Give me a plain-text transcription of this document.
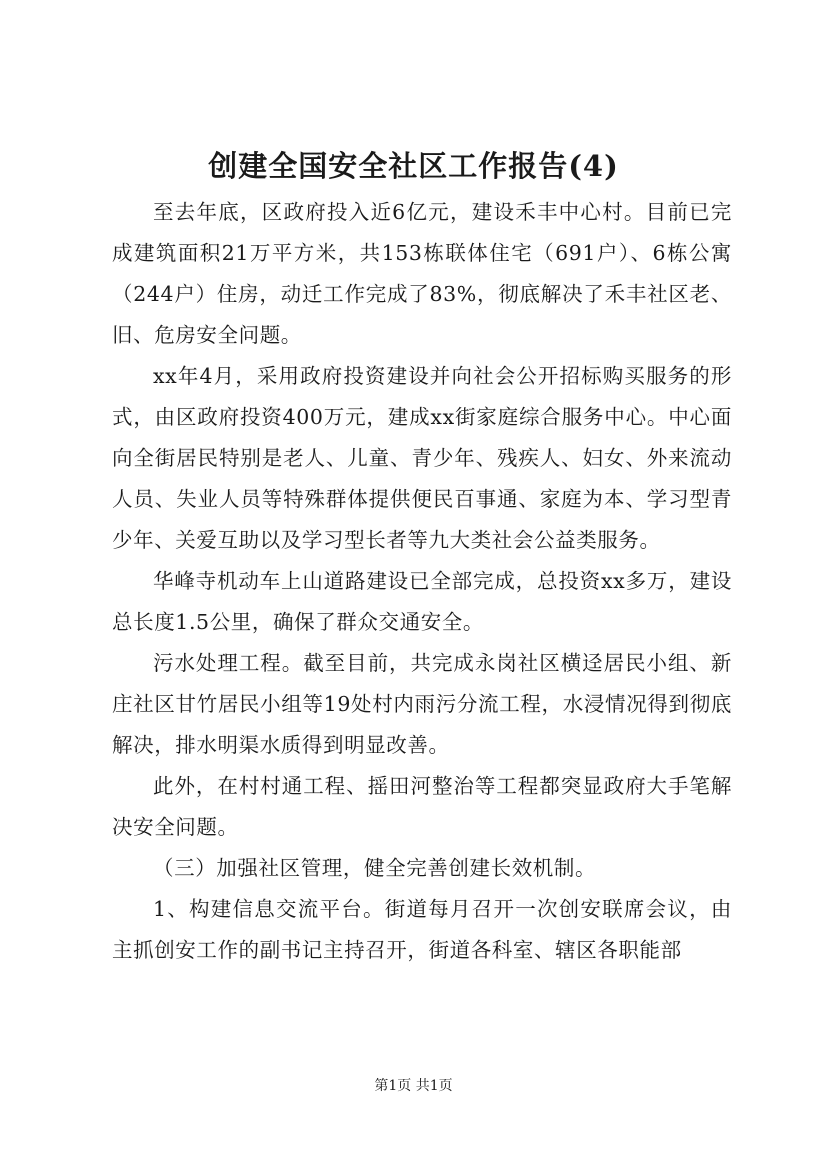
创建全国安全社区工作报告(4)

至去年底，区政府投入近6亿元，建设禾丰中心村。目前已完成建筑面积21万平方米，共153栋联体住宅（691户）、6栋公寓（244户）住房，动迁工作完成了83%，彻底解决了禾丰社区老、旧、危房安全问题。

xx年4月，采用政府投资建设并向社会公开招标购买服务的形式，由区政府投资400万元，建成xx街家庭综合服务中心。中心面向全街居民特别是老人、儿童、青少年、残疾人、妇女、外来流动人员、失业人员等特殊群体提供便民百事通、家庭为本、学习型青少年、关爱互助以及学习型长者等九大类社会公益类服务。

华峰寺机动车上山道路建设已全部完成，总投资xx多万，建设总长度1.5公里，确保了群众交通安全。

污水处理工程。截至目前，共完成永岗社区横迳居民小组、新庄社区甘竹居民小组等19处村内雨污分流工程，水浸情况得到彻底解决，排水明渠水质得到明显改善。

此外，在村村通工程、摇田河整治等工程都突显政府大手笔解决安全问题。

（三）加强社区管理，健全完善创建长效机制。

1、构建信息交流平台。街道每月召开一次创安联席会议，由主抓创安工作的副书记主持召开，街道各科室、辖区各职能部

第1页 共1页
